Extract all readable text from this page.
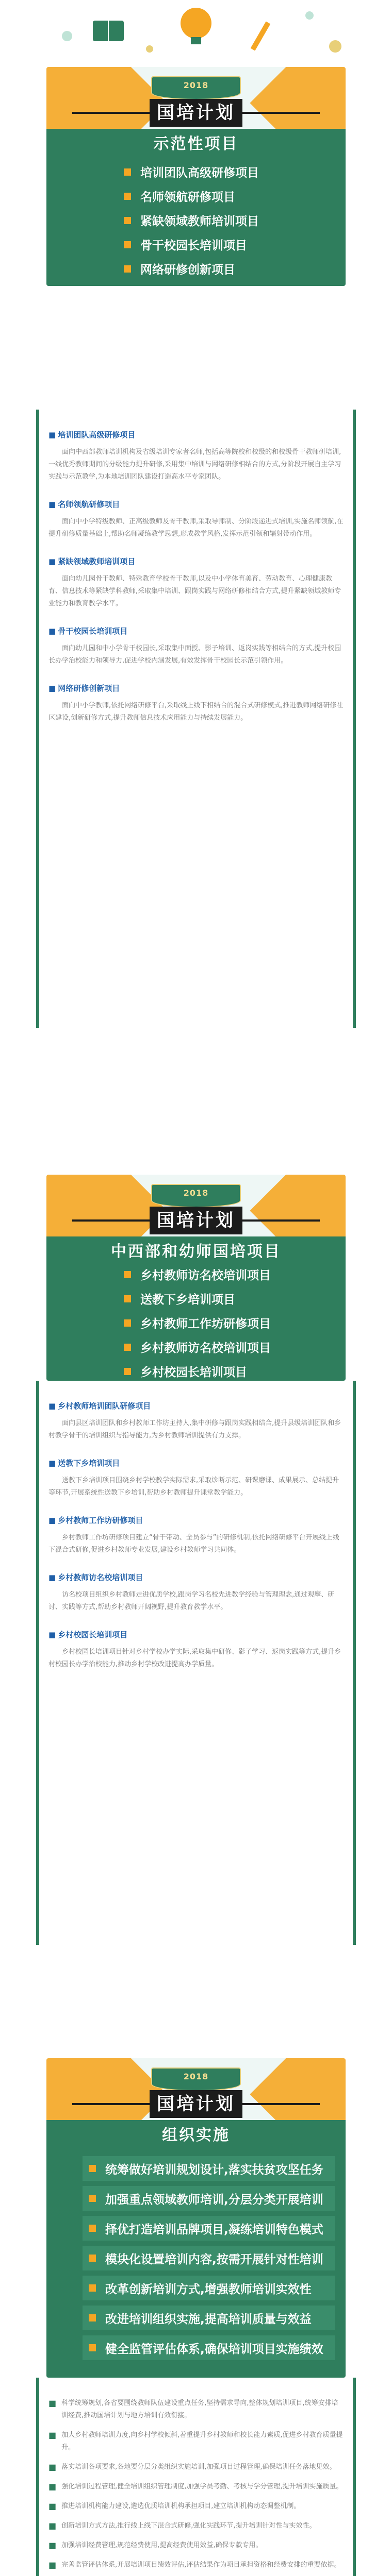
2018
国培计划
示范性项目
培训团队高级研修项目
名师领航研修项目
紧缺领域教师培训项目
骨干校园长培训项目
网络研修创新项目
■ 培训团队高级研修项目

面向中西部教师培训机构及省级培训专家者名师,包括高等院校和校级的和校级骨干教师研培训,一线优秀教师期间的分级能力提升研修,采用集中培训与网络研修相结合的方式,分阶段开展自主学习实践与示范教学,为本地培训团队建设打造高水平专家团队。

■ 名师领航研修项目

面向中小学特级教师、正高级教师及骨干教师,采取导师制、分阶段递进式培训,实施名师领航,在提升研修质量基础上,帮助名师凝练教学思想,形成教学风格,发挥示范引领和辐射带动作用。

■ 紧缺领域教师培训项目

面向幼儿园骨干教师、特殊教育学校骨干教师,以及中小学体育美育、劳动教育、心理健康教育、信息技术等紧缺学科教师,采取集中培训、跟岗实践与网络研修相结合方式,提升紧缺领域教师专业能力和教育教学水平。

■ 骨干校园长培训项目

面向幼儿园和中小学骨干校园长,采取集中面授、影子培训、返岗实践等相结合的方式,提升校园长办学治校能力和领导力,促进学校内涵发展,有效发挥骨干校园长示范引领作用。

■ 网络研修创新项目

面向中小学教师,依托网络研修平台,采取线上线下相结合的混合式研修模式,推进教师网络研修社区建设,创新研修方式,提升教师信息技术应用能力与持续发展能力。

2018
国培计划
中西部和幼师国培项目
乡村教师访名校培训项目
送教下乡培训项目
乡村教师工作坊研修项目
乡村教师访名校培训项目
乡村校园长培训项目
■ 乡村教师培训团队研修项目

面向县区培训团队和乡村教师工作坊主持人,集中研修与跟岗实践相结合,提升县级培训团队和乡村教学骨干的培训组织与指导能力,为乡村教师培训提供有力支撑。

■ 送教下乡培训项目

送教下乡培训项目围绕乡村学校教学实际需求,采取诊断示范、研课磨课、成果展示、总结提升等环节,开展系统性送教下乡培训,帮助乡村教师提升课堂教学能力。

■ 乡村教师工作坊研修项目

乡村教师工作坊研修项目建立“骨干带动、全员参与”的研修机制,依托网络研修平台开展线上线下混合式研修,促进乡村教师专业发展,建设乡村教师学习共同体。

■ 乡村教师访名校培训项目

访名校项目组织乡村教师走进优质学校,跟岗学习名校先进教学经验与管理理念,通过观摩、研讨、实践等方式,帮助乡村教师开阔视野,提升教育教学水平。

■ 乡村校园长培训项目

乡村校园长培训项目针对乡村学校办学实际,采取集中研修、影子学习、返岗实践等方式,提升乡村校园长办学治校能力,推动乡村学校改进提高办学质量。

2018
国培计划
组织实施
统筹做好培训规划设计,落实扶贫攻坚任务
加强重点领域教师培训,分层分类开展培训
择优打造培训品牌项目,凝练培训特色模式
模块化设置培训内容,按需开展针对性培训
改革创新培训方式,增强教师培训实效性
改进培训组织实施,提高培训质量与效益
健全监管评估体系,确保培训项目实施绩效
■ 科学统筹规划,各省要围绕教师队伍建设重点任务,坚持需求导向,整体规划培训项目,统筹安排培训经费,推动国培计划与地方培训有效衔接。
■ 加大乡村教师培训力度,向乡村学校倾斜,着重提升乡村教师和校长能力素质,促进乡村教育质量提升。
■ 落实培训各项要求,各地要分层分类组织实施培训,加强项目过程管理,确保培训任务落地见效。
■ 强化培训过程管理,健全培训组织管理制度,加强学员考勤、考核与学分管理,提升培训实施质量。
■ 推进培训机构能力建设,遴选优质培训机构承担项目,建立培训机构动态调整机制。
■ 创新培训方式方法,推行线上线下混合式研修,强化实践环节,提升培训针对性与实效性。
■ 加强培训经费管理,规范经费使用,提高经费使用效益,确保专款专用。
■ 完善监管评估体系,开展培训项目绩效评估,评估结果作为项目承担资格和经费安排的重要依据。
